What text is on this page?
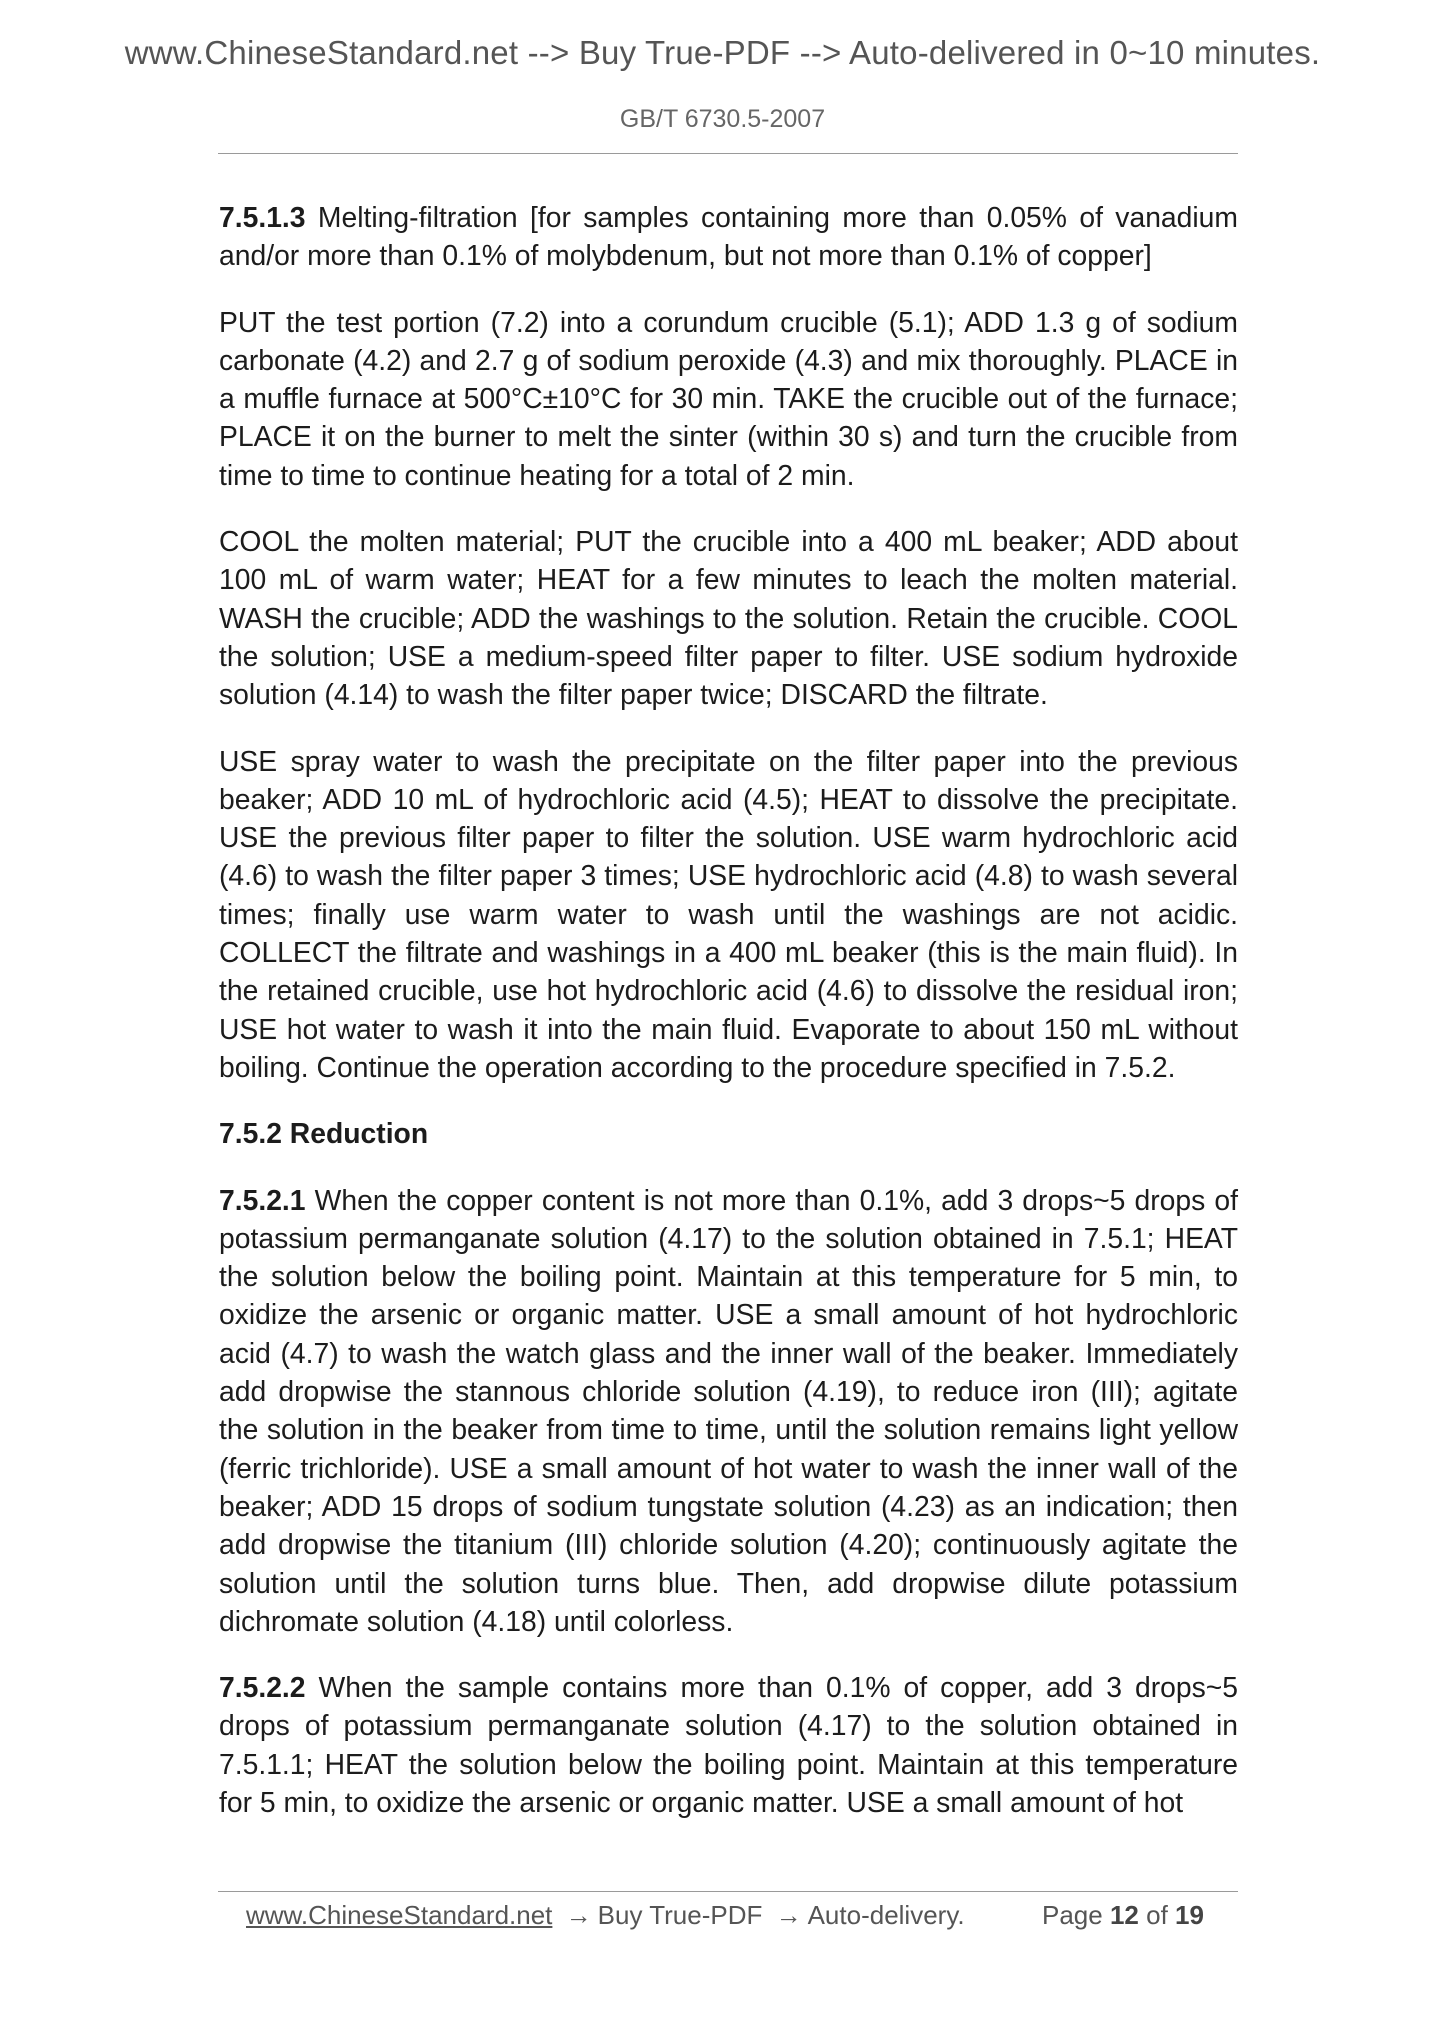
www.ChineseStandard.net --> Buy True-PDF --> Auto-delivered in 0~10 minutes.
GB/T 6730.5-2007

7.5.1.3 Melting-filtration [for samples containing more than 0.05% of vanadium and/or more than 0.1% of molybdenum, but not more than 0.1% of copper]

PUT the test portion (7.2) into a corundum crucible (5.1); ADD 1.3 g of sodium carbonate (4.2) and 2.7 g of sodium peroxide (4.3) and mix thoroughly. PLACE in a muffle furnace at 500°C±10°C for 30 min. TAKE the crucible out of the furnace; PLACE it on the burner to melt the sinter (within 30 s) and turn the crucible from time to time to continue heating for a total of 2 min.

COOL the molten material; PUT the crucible into a 400 mL beaker; ADD about 100 mL of warm water; HEAT for a few minutes to leach the molten material. WASH the crucible; ADD the washings to the solution. Retain the crucible. COOL the solution; USE a medium-speed filter paper to filter. USE sodium hydroxide solution (4.14) to wash the filter paper twice; DISCARD the filtrate.

USE spray water to wash the precipitate on the filter paper into the previous beaker; ADD 10 mL of hydrochloric acid (4.5); HEAT to dissolve the precipitate. USE the previous filter paper to filter the solution. USE warm hydrochloric acid (4.6) to wash the filter paper 3 times; USE hydrochloric acid (4.8) to wash several times; finally use warm water to wash until the washings are not acidic. COLLECT the filtrate and washings in a 400 mL beaker (this is the main fluid). In the retained crucible, use hot hydrochloric acid (4.6) to dissolve the residual iron; USE hot water to wash it into the main fluid. Evaporate to about 150 mL without boiling. Continue the operation according to the procedure specified in 7.5.2.

7.5.2 Reduction

7.5.2.1 When the copper content is not more than 0.1%, add 3 drops~5 drops of potassium permanganate solution (4.17) to the solution obtained in 7.5.1; HEAT the solution below the boiling point. Maintain at this temperature for 5 min, to oxidize the arsenic or organic matter. USE a small amount of hot hydrochloric acid (4.7) to wash the watch glass and the inner wall of the beaker. Immediately add dropwise the stannous chloride solution (4.19), to reduce iron (III); agitate the solution in the beaker from time to time, until the solution remains light yellow (ferric trichloride). USE a small amount of hot water to wash the inner wall of the beaker; ADD 15 drops of sodium tungstate solution (4.23) as an indication; then add dropwise the titanium (III) chloride solution (4.20); continuously agitate the solution until the solution turns blue. Then, add dropwise dilute potassium dichromate solution (4.18) until colorless.

7.5.2.2 When the sample contains more than 0.1% of copper, add 3 drops~5 drops of potassium permanganate solution (4.17) to the solution obtained in 7.5.1.1; HEAT the solution below the boiling point. Maintain at this temperature for 5 min, to oxidize the arsenic or organic matter. USE a small amount of hot

www.ChineseStandard.net → Buy True-PDF → Auto-delivery.	Page 12 of 19
